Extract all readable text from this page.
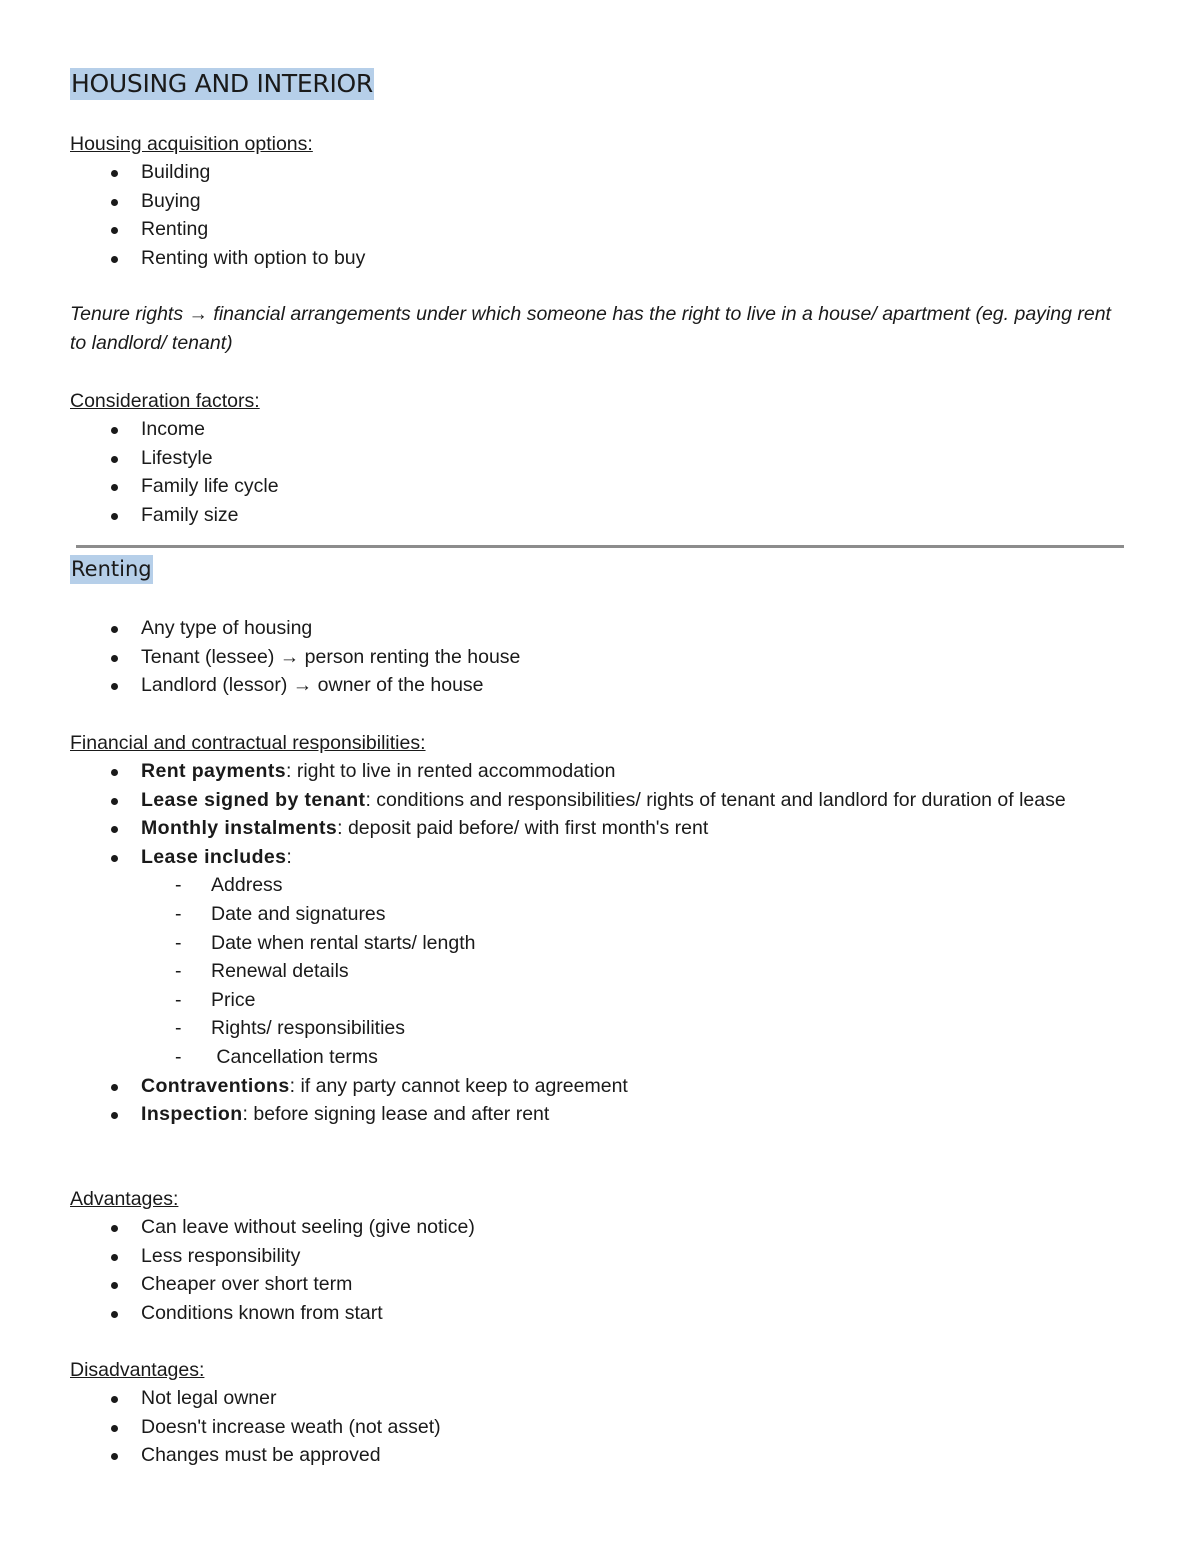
HOUSING AND INTERIOR

Housing acquisition options:

Building
Buying
Renting
Renting with option to buy

Tenure rights → financial arrangements under which someone has the right to live in a house/ apartment (eg. paying rent to landlord/ tenant)

Consideration factors:

Income
Lifestyle
Family life cycle
Family size
Renting
Any type of housing
Tenant (lessee) → person renting the house
Landlord (lessor) → owner of the house

Financial and contractual responsibilities:

Rent payments: right to live in rented accommodation
Lease signed by tenant: conditions and responsibilities/ rights of tenant and landlord for duration of lease
Monthly instalments: deposit paid before/ with first month's rent
Lease includes:
- Address
- Date and signatures
- Date when rental starts/ length
- Renewal details
- Price
- Rights/ responsibilities
-  Cancellation terms
Contraventions: if any party cannot keep to agreement
Inspection: before signing lease and after rent

Advantages:

Can leave without seeling (give notice)
Less responsibility
Cheaper over short term
Conditions known from start

Disadvantages:

Not legal owner
Doesn't increase weath (not asset)
Changes must be approved
